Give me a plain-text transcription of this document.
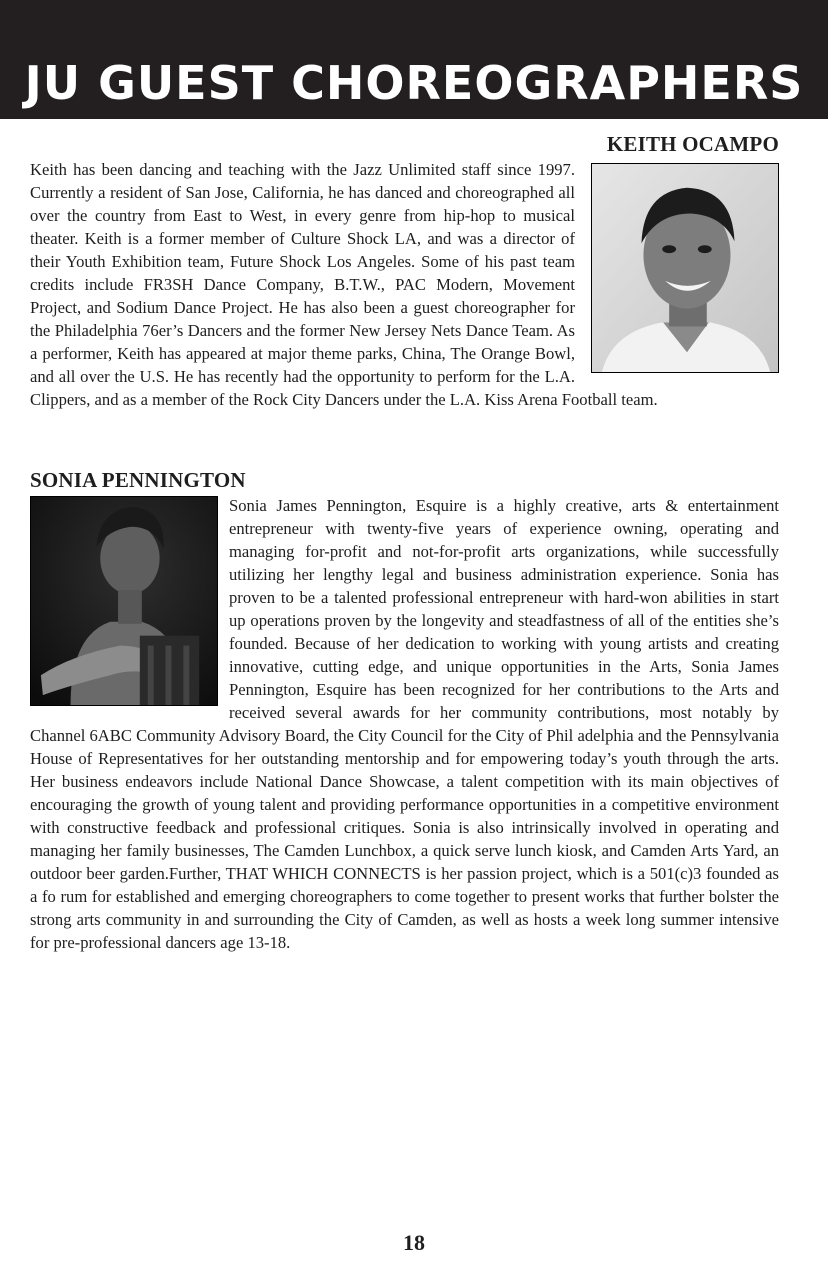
JU GUEST CHOREOGRAPHERS
KEITH OCAMPO

Keith has been dancing and teaching with the Jazz Unlimited staff since 1997. Currently a resident of San Jose, California, he has danced and choreographed all over the country from East to West, in every genre from hip-hop to musical theater. Keith is a former member of Culture Shock LA, and was a director of their Youth Exhibition team, Future Shock Los Angeles. Some of his past team credits include FR3SH Dance Company, B.T.W., PAC Modern, Movement Project, and Sodium Dance Project. He has also been a guest choreographer for the Philadelphia 76er’s Dancers and the former New Jersey Nets Dance Team. As a performer, Keith has appeared at major theme parks, China, The Orange Bowl, and all over the U.S. He has recently had the opportunity to perform for the L.A. Clippers, and as a member of the Rock City Dancers under the L.A. Kiss Arena Football team.

SONIA PENNINGTON

Sonia James Pennington, Esquire is a highly creative, arts & entertainment entrepreneur with twenty-five years of experience owning, operating and managing for-profit and not-for-profit arts organizations, while successfully utilizing her lengthy legal and business administration experience. Sonia has proven to be a talented professional entrepreneur with hard-won abilities in start up operations proven by the longevity and steadfastness of all of the entities she’s founded. Because of her dedication to working with young artists and creating innovative, cutting edge, and unique opportunities in the Arts, Sonia James Pennington, Esquire has been recognized for her contributions to the Arts and received several awards for her community contributions, most notably by Channel 6ABC Community Advisory Board, the City Council for the City of Phil adelphia and the Pennsylvania House of Representatives for her outstanding mentorship and for empowering today’s youth through the arts. Her business endeavors include National Dance Showcase, a talent competition with its main objectives of encouraging the growth of young talent and providing performance opportunities in a competitive environment with constructive feedback and professional critiques. Sonia is also intrinsically involved in operating and managing her family businesses, The Camden Lunchbox, a quick serve lunch kiosk, and Camden Arts Yard, an outdoor beer garden.Further, THAT WHICH CONNECTS is her passion project, which is a 501(c)3 founded as a fo rum for established and emerging choreographers to come together to present works that further bolster the strong arts community in and surrounding the City of Camden, as well as hosts a week long summer intensive for pre-professional dancers age 13-18.

18
